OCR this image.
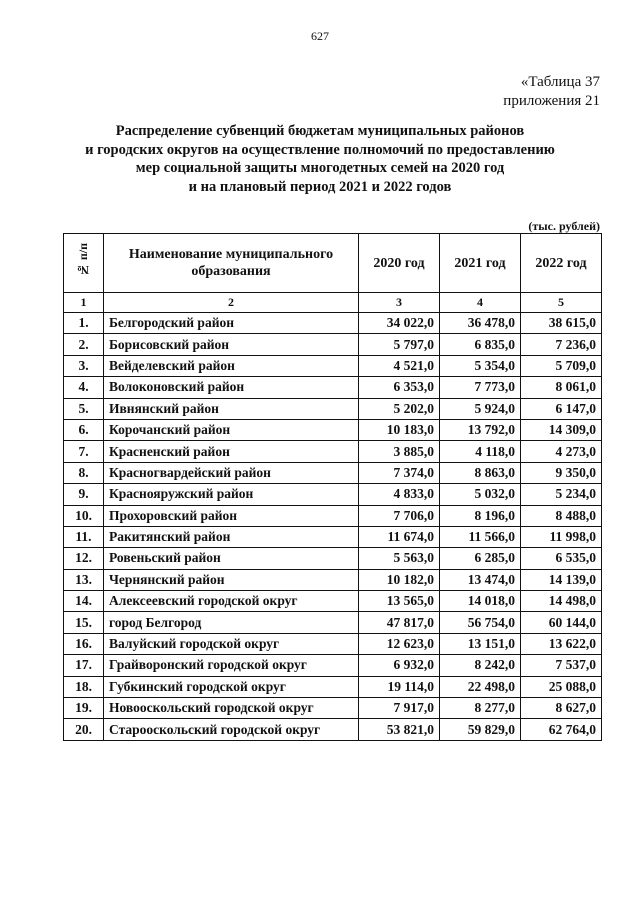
627
«Таблица 37
приложения 21
Распределение субвенций бюджетам муниципальных районов
и городских округов на осуществление полномочий по предоставлению
мер социальной защиты многодетных семей на 2020 год
и на плановый период 2021 и 2022 годов
(тыс. рублей)
№ п/п	Наименование муниципального образования	2020 год	2021 год	2022 год
1	2	3	4	5
1.	Белгородский район	34 022,0	36 478,0	38 615,0
2.	Борисовский район	5 797,0	6 835,0	7 236,0
3.	Вейделевский район	4 521,0	5 354,0	5 709,0
4.	Волоконовский район	6 353,0	7 773,0	8 061,0
5.	Ивнянский район	5 202,0	5 924,0	6 147,0
6.	Корочанский район	10 183,0	13 792,0	14 309,0
7.	Красненский район	3 885,0	4 118,0	4 273,0
8.	Красногвардейский район	7 374,0	8 863,0	9 350,0
9.	Краснояружский район	4 833,0	5 032,0	5 234,0
10.	Прохоровский район	7 706,0	8 196,0	8 488,0
11.	Ракитянский район	11 674,0	11 566,0	11 998,0
12.	Ровеньский район	5 563,0	6 285,0	6 535,0
13.	Чернянский район	10 182,0	13 474,0	14 139,0
14.	Алексеевский городской округ	13 565,0	14 018,0	14 498,0
15.	город Белгород	47 817,0	56 754,0	60 144,0
16.	Валуйский городской округ	12 623,0	13 151,0	13 622,0
17.	Грайворонский городской округ	6 932,0	8 242,0	7 537,0
18.	Губкинский городской округ	19 114,0	22 498,0	25 088,0
19.	Новооскольский городской округ	7 917,0	8 277,0	8 627,0
20.	Старооскольский городской округ	53 821,0	59 829,0	62 764,0
